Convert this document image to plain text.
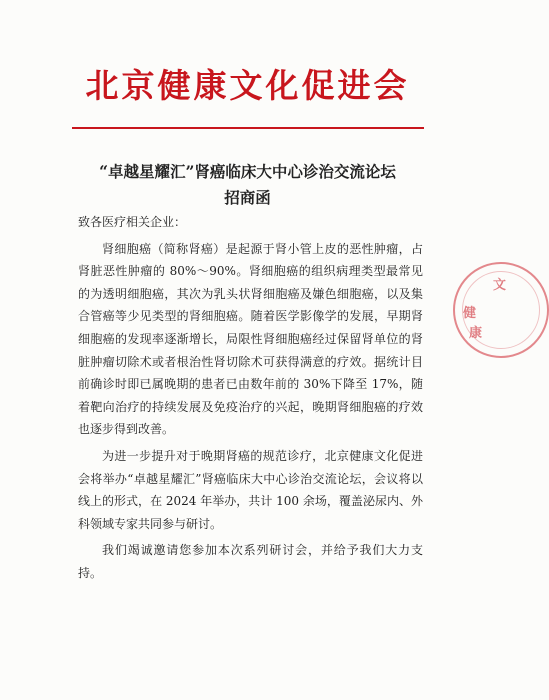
北京健康文化促进会
“卓越星耀汇”肾癌临床大中心诊治交流论坛
招商函

致各医疗相关企业：

肾细胞癌（简称肾癌）是起源于肾小管上皮的恶性肿瘤，占肾脏恶性肿瘤的 80%～90%。肾细胞癌的组织病理类型最常见的为透明细胞癌，其次为乳头状肾细胞癌及嫌色细胞癌，以及集合管癌等少见类型的肾细胞癌。随着医学影像学的发展，早期肾细胞癌的发现率逐渐增长，局限性肾细胞癌经过保留肾单位的肾脏肿瘤切除术或者根治性肾切除术可获得满意的疗效。据统计目前确诊时即已属晚期的患者已由数年前的 30%下降至 17%，随着靶向治疗的持续发展及免疫治疗的兴起，晚期肾细胞癌的疗效也逐步得到改善。

为进一步提升对于晚期肾癌的规范诊疗，北京健康文化促进会将举办“卓越星耀汇”肾癌临床大中心诊治交流论坛，会议将以线上的形式，在 2024 年举办，共计 100 余场，覆盖泌尿内、外科领域专家共同参与研讨。

我们竭诚邀请您参加本次系列研讨会，并给予我们大力支持。

文
健
康
